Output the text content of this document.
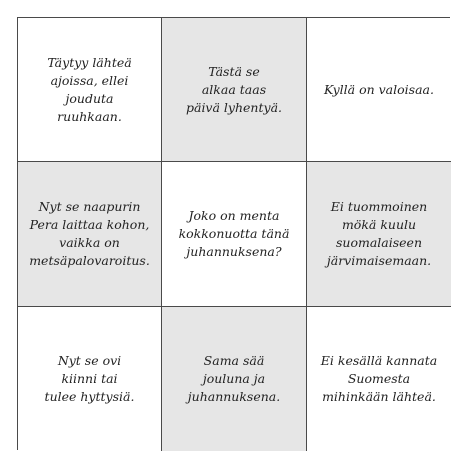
Täytyy lähteä
ajoissa, ellei jouduta
ruuhkaan.
Tästä se
alkaa taas
päivä lyhentyä.
Kyllä on valoisaa.
Nyt se naapurin
Pera laittaa kohon,
vaikka on
metsäpalovaroitus.
Joko on menta
kokkonuotta tänä
juhannuksena?
Ei tuommoinen
mökä kuulu
suomalaiseen
järvimaisemaan.
Nyt se ovi
kiinni tai
tulee hyttysiä.
Sama sää
jouluna ja
juhannuksena.
Ei kesällä kannata
Suomesta
mihinkään lähteä.
